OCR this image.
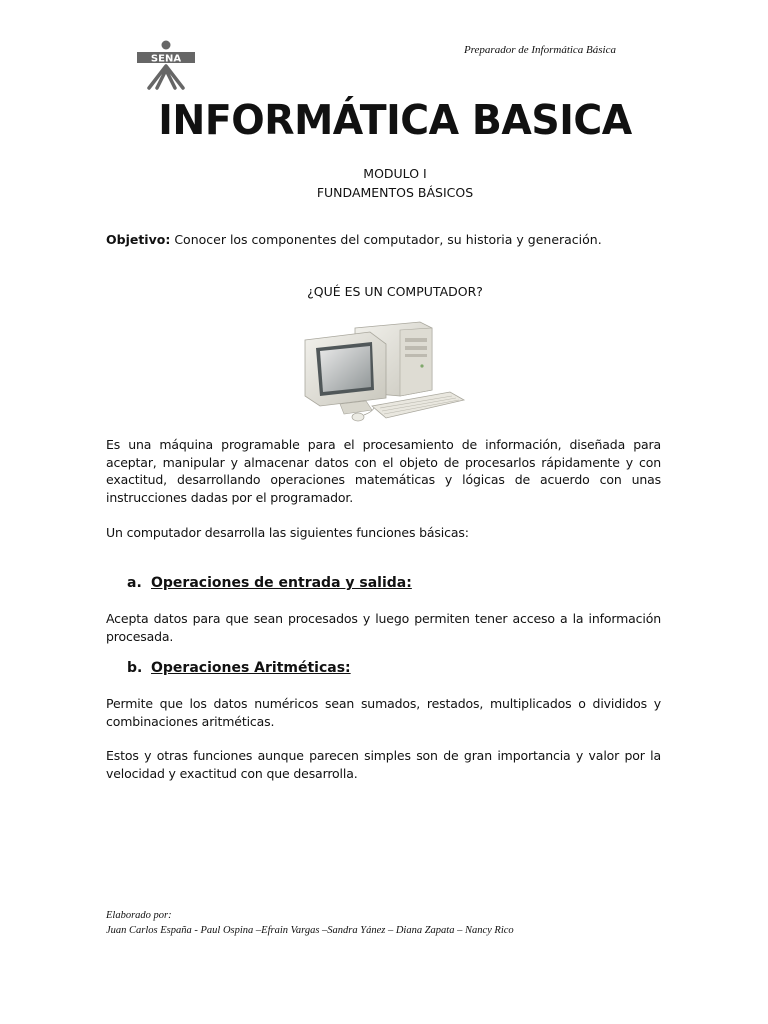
SENA
Preparador de Informática Básica
INFORMÁTICA BASICA
MODULO I
FUNDAMENTOS BÁSICOS
Objetivo: Conocer los componentes del computador, su historia y generación.
¿QUÉ ES UN COMPUTADOR?
Es una máquina programable para el procesamiento de información, diseñada para aceptar, manipular y almacenar datos con el objeto de procesarlos rápidamente y con exactitud, desarrollando operaciones matemáticas y lógicas de acuerdo con unas instrucciones dadas por el programador.
Un computador desarrolla las siguientes funciones básicas:
a. Operaciones de entrada y salida:
Acepta datos para que sean procesados y luego permiten tener acceso a la información procesada.
b. Operaciones Aritméticas:
Permite que los datos numéricos sean sumados, restados, multiplicados o divididos y combinaciones aritméticas.
Estos y otras funciones aunque parecen simples son de gran importancia y valor por la velocidad y exactitud con que desarrolla.
Elaborado por:
Juan Carlos España - Paul Ospina –Efrain Vargas –Sandra Yánez – Diana Zapata – Nancy Rico
